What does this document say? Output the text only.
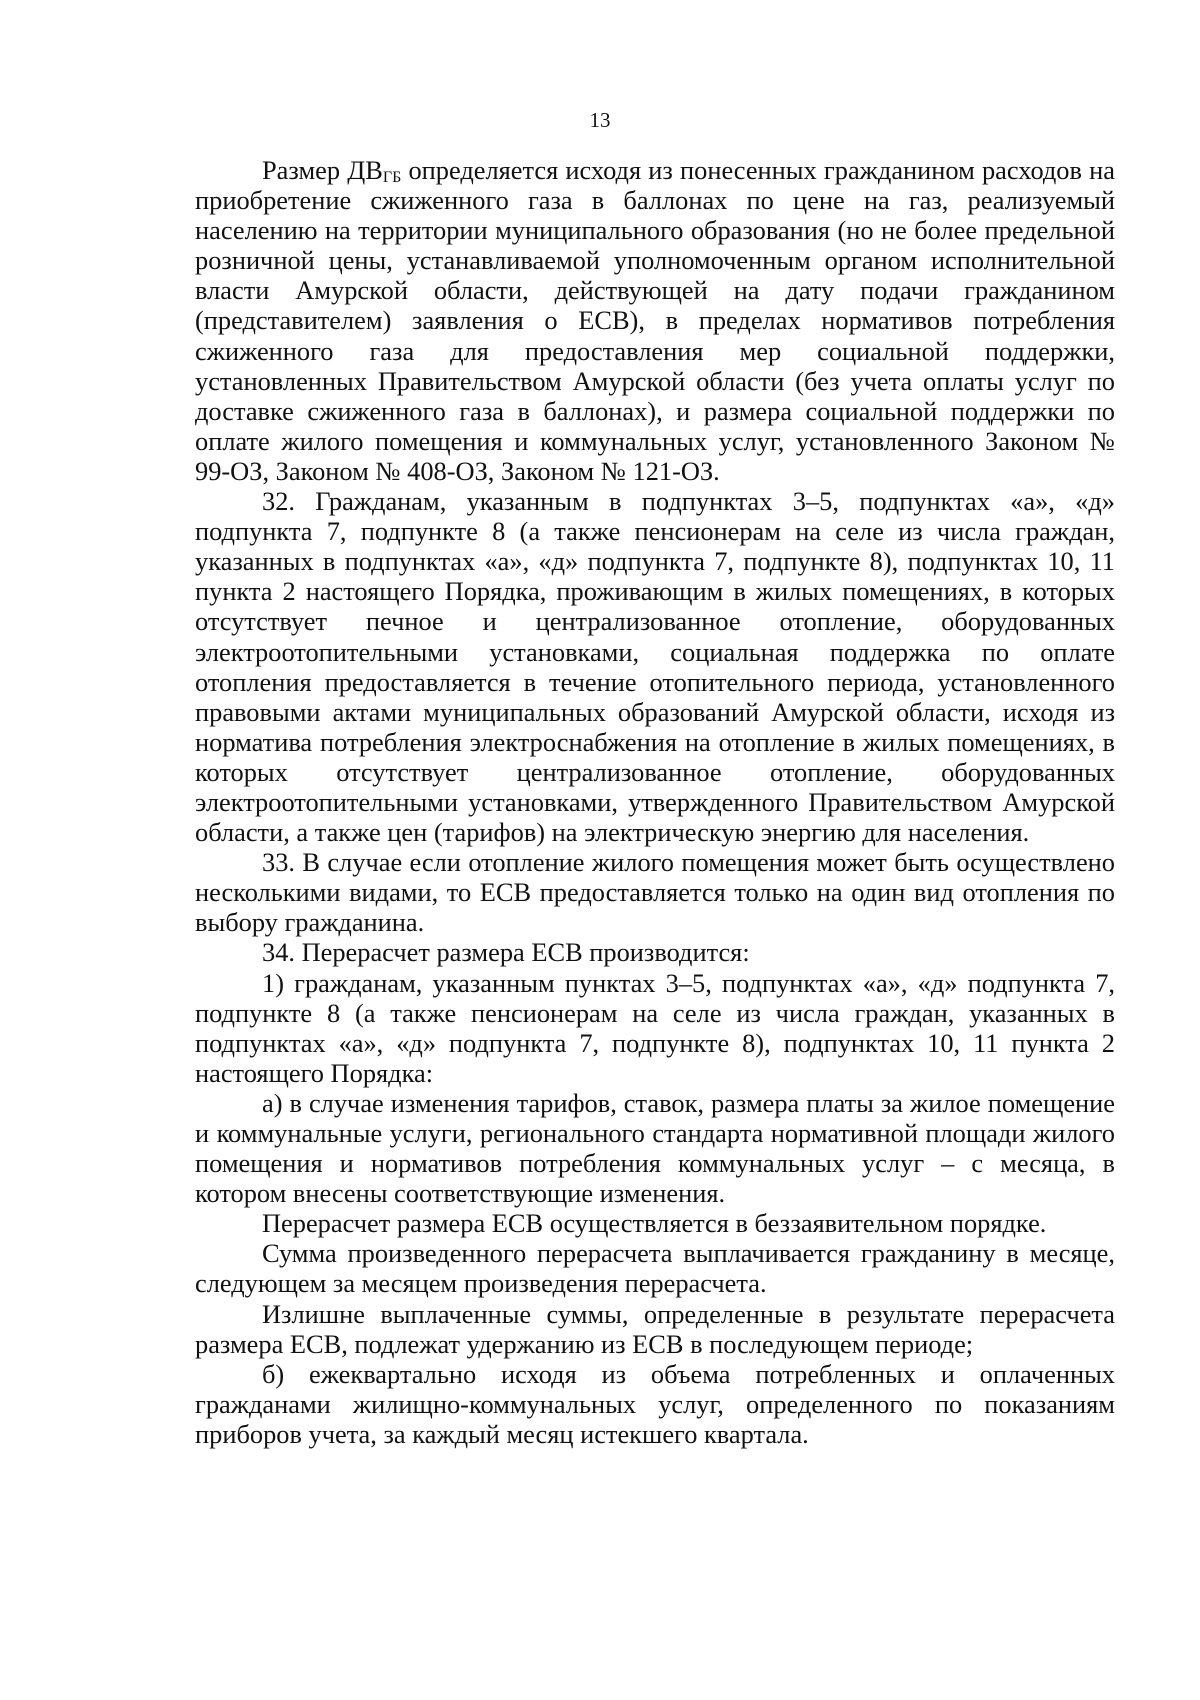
13

Размер $ДВ_{ГБ}$ определяется исходя из понесенных гражданином расходов на приобретение сжиженного газа в баллонах по цене на газ, реализуемый населению на территории муниципального образования (но не более предельной розничной цены, устанавливаемой уполномоченным органом исполнительной власти Амурской области, действующей на дату подачи гражданином (представителем) заявления о ЕСВ), в пределах нормативов потребления сжиженного газа для предоставления мер социальной поддержки, установленных Правительством Амурской области (без учета оплаты услуг по доставке сжиженного газа в баллонах), и размера социальной поддержки по оплате жилого помещения и коммунальных услуг, установленного Законом № 99-ОЗ, Законом № 408-ОЗ, Законом № 121-ОЗ.

32. Гражданам, указанным в подпунктах 3–5, подпунктах «а», «д» подпункта 7, подпункте 8 (а также пенсионерам на селе из числа граждан, указанных в подпунктах «а», «д» подпункта 7, подпункте 8), подпунктах 10, 11 пункта 2 настоящего Порядка, проживающим в жилых помещениях, в которых отсутствует печное и централизованное отопление, оборудованных электроотопительными установками, социальная поддержка по оплате отопления предоставляется в течение отопительного периода, установленного правовыми актами муниципальных образований Амурской области, исходя из норматива потребления электроснабжения на отопление в жилых помещениях, в которых отсутствует централизованное отопление, оборудованных электроотопительными установками, утвержденного Правительством Амурской области, а также цен (тарифов) на электрическую энергию для населения.

33. В случае если отопление жилого помещения может быть осуществлено несколькими видами, то ЕСВ предоставляется только на один вид отопления по выбору гражданина.

34. Перерасчет размера ЕСВ производится:

1) гражданам, указанным пунктах 3–5, подпунктах «а», «д» подпункта 7, подпункте 8 (а также пенсионерам на селе из числа граждан, указанных в подпунктах «а», «д» подпункта 7, подпункте 8), подпунктах 10, 11 пункта 2 настоящего Порядка:

а) в случае изменения тарифов, ставок, размера платы за жилое помещение и коммунальные услуги, регионального стандарта нормативной площади жилого помещения и нормативов потребления коммунальных услуг – с месяца, в котором внесены соответствующие изменения.

Перерасчет размера ЕСВ осуществляется в беззаявительном порядке.

Сумма произведенного перерасчета выплачивается гражданину в месяце, следующем за месяцем произведения перерасчета.

Излишне выплаченные суммы, определенные в результате перерасчета размера ЕСВ, подлежат удержанию из ЕСВ в последующем периоде;

б) ежеквартально исходя из объема потребленных и оплаченных гражданами жилищно-коммунальных услуг, определенного по показаниям приборов учета, за каждый месяц истекшего квартала.
